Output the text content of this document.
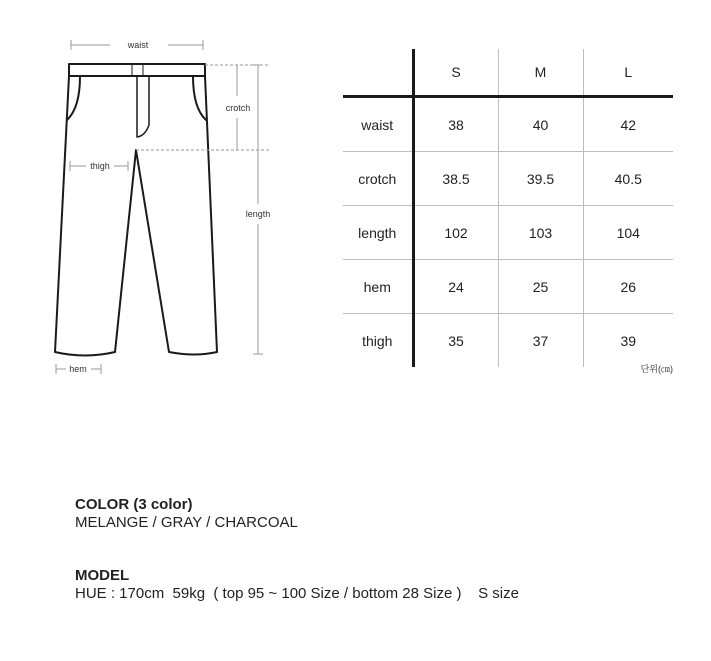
waist
crotch
thigh
length
hem
	S	M	L
waist	38	40	42
crotch	38.5	39.5	40.5
length	102	103	104
hem	24	25	26
thigh	35	37	39
단위(㎝)
COLOR (3 color)
MELANGE / GRAY / CHARCOAL
MODEL
HUE : 170cm  59kg  ( top 95 ~ 100 Size / bottom 28 Size )    S size
